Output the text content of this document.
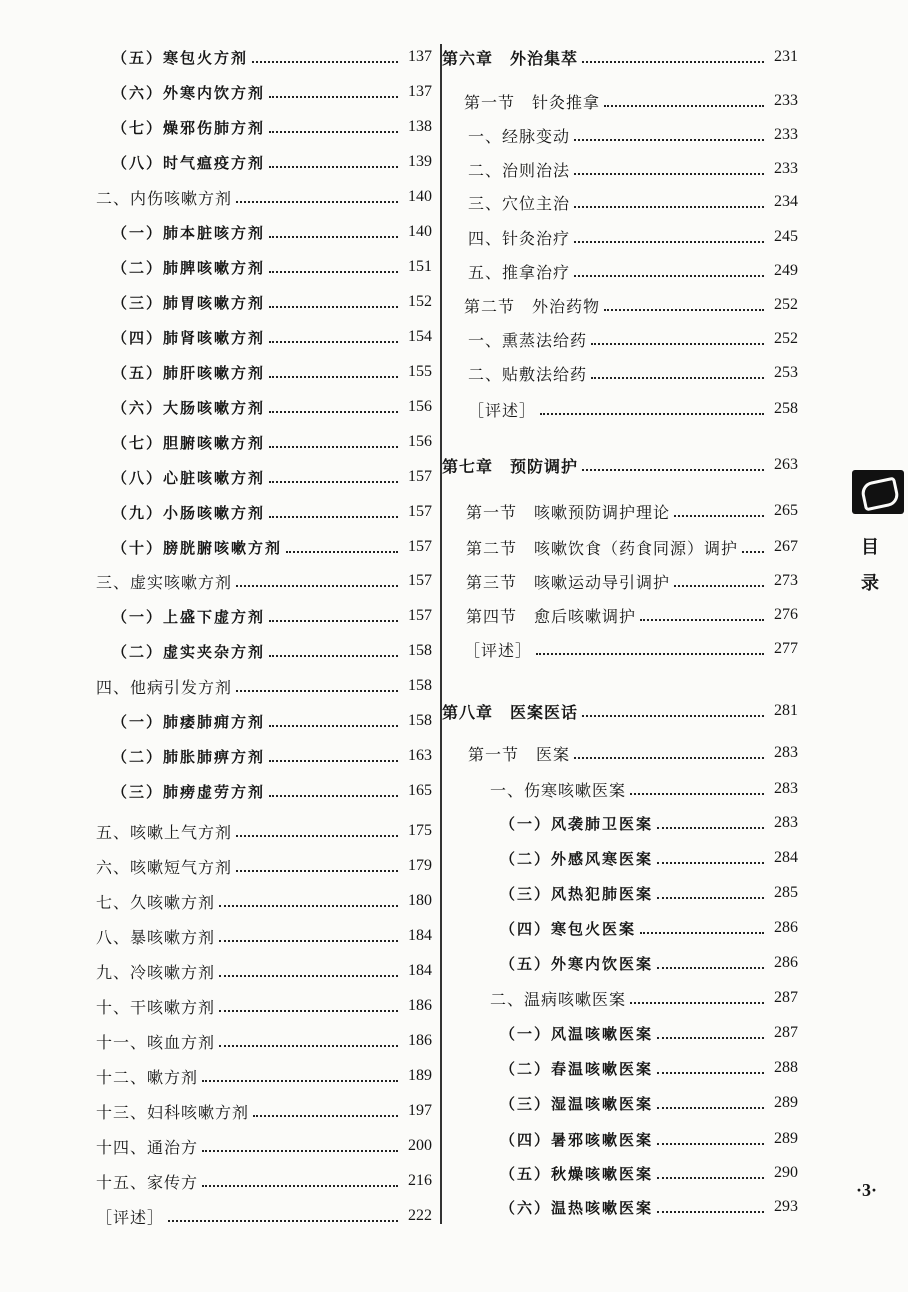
（五）寒包火方剂	137
（六）外寒内饮方剂	137
（七）燥邪伤肺方剂	138
（八）时气瘟疫方剂	139
二、内伤咳嗽方剂	140
（一）肺本脏咳方剂	140
（二）肺脾咳嗽方剂	151
（三）肺胃咳嗽方剂	152
（四）肺肾咳嗽方剂	154
（五）肺肝咳嗽方剂	155
（六）大肠咳嗽方剂	156
（七）胆腑咳嗽方剂	156
（八）心脏咳嗽方剂	157
（九）小肠咳嗽方剂	157
（十）膀胱腑咳嗽方剂	157
三、虚实咳嗽方剂	157
（一）上盛下虚方剂	157
（二）虚实夹杂方剂	158
四、他病引发方剂	158
（一）肺痿肺痈方剂	158
（二）肺胀肺痹方剂	163
（三）肺痨虚劳方剂	165
五、咳嗽上气方剂	175
六、咳嗽短气方剂	179
七、久咳嗽方剂	180
八、暴咳嗽方剂	184
九、冷咳嗽方剂	184
十、干咳嗽方剂	186
十一、咳血方剂	186
十二、嗽方剂	189
十三、妇科咳嗽方剂	197
十四、通治方	200
十五、家传方	216
［评述］	222
第六章　外治集萃	231
第一节　针灸推拿	233
一、经脉变动	233
二、治则治法	233
三、穴位主治	234
四、针灸治疗	245
五、推拿治疗	249
第二节　外治药物	252
一、熏蒸法给药	252
二、贴敷法给药	253
［评述］	258
第七章　预防调护	263
第一节　咳嗽预防调护理论	265
第二节　咳嗽饮食（药食同源）调护	267
第三节　咳嗽运动导引调护	273
第四节　愈后咳嗽调护	276
［评述］	277
第八章　医案医话	281
第一节　医案	283
一、伤寒咳嗽医案	283
（一）风袭肺卫医案	283
（二）外感风寒医案	284
（三）风热犯肺医案	285
（四）寒包火医案	286
（五）外寒内饮医案	286
二、温病咳嗽医案	287
（一）风温咳嗽医案	287
（二）春温咳嗽医案	288
（三）湿温咳嗽医案	289
（四）暑邪咳嗽医案	289
（五）秋燥咳嗽医案	290
（六）温热咳嗽医案	293
目
录
·3·
